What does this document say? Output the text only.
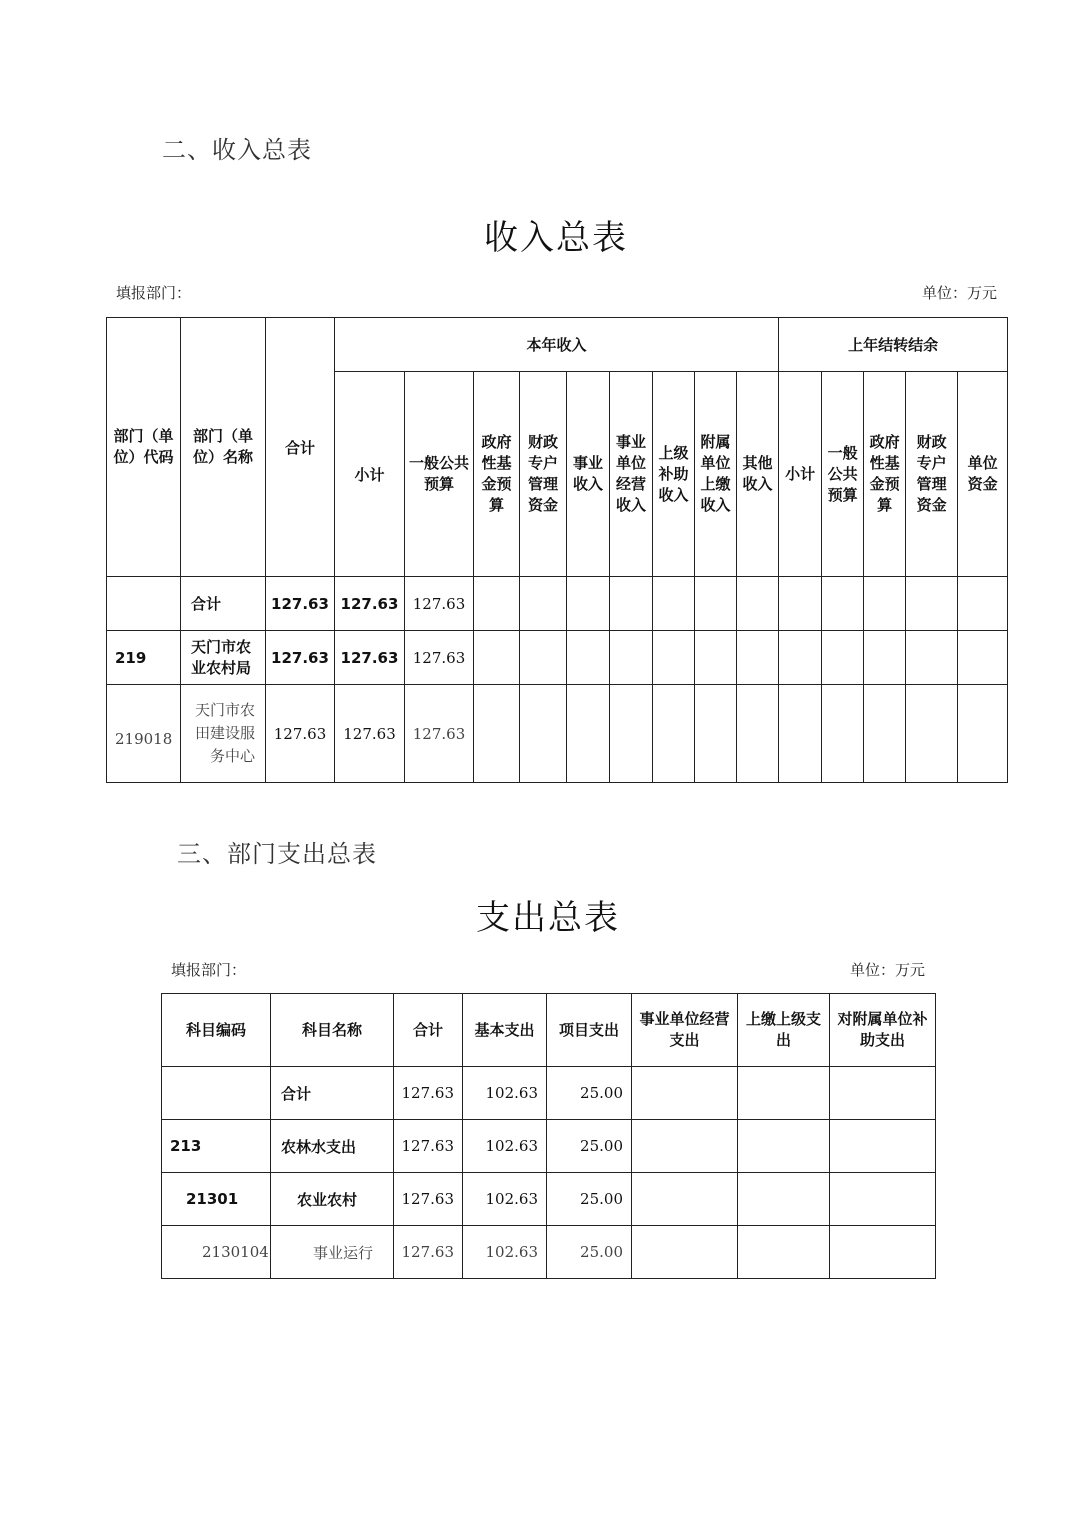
二、收入总表
收入总表
填报部门：	单位：万元
部门（单位）代码	部门（单位）名称	合计	本年收入									上年结转结余				
			小计	一般公共预算	政府性基金预算	财政专户管理资金	事业收入	事业单位经营收入	上级补助收入	附属单位上缴收入	其他收入	小计	一般公共预算	政府性基金预算	财政专户管理资金	单位资金
	合计	127.63	127.63	127.63												
219	天门市农业农村局	127.63	127.63	127.63												
219018	天门市农田建设服务中心	127.63	127.63	127.63												
三、部门支出总表
支出总表
填报部门：	单位：万元
科目编码	科目名称	合计	基本支出	项目支出	事业单位经营支出	上缴上级支出	对附属单位补助支出
	合计	127.63	102.63	25.00			
213	农林水支出	127.63	102.63	25.00			
21301	农业农村	127.63	102.63	25.00			
2130104	事业运行	127.63	102.63	25.00			
